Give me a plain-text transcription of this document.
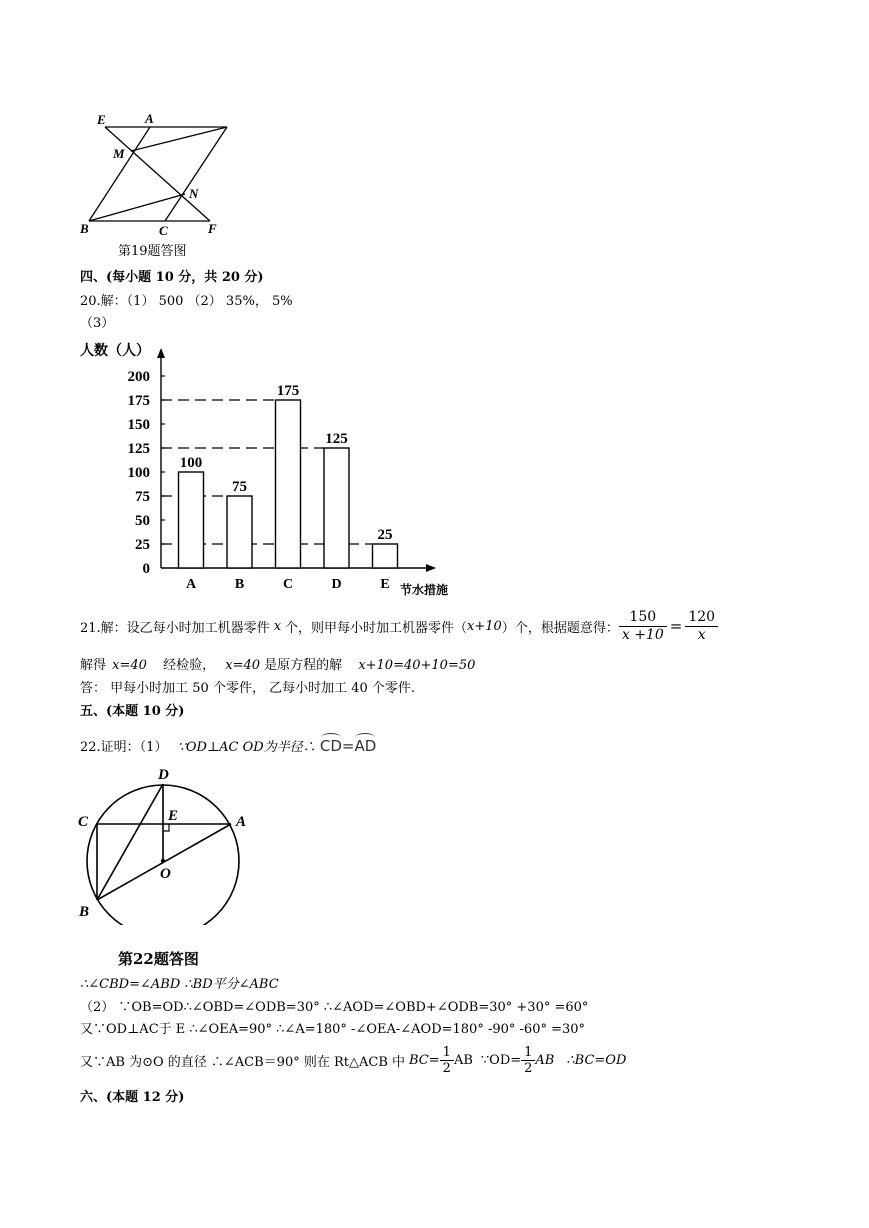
E	A
M
N
B	C	F
第19题答图
四、(每小题 10 分，共 20 分)
20.解：（1） 500 （2） 35%， 5%
（3）
人数（人）
0
25
50
75
100
125
150
175
200
100
A
75
B
175
C
125
D
25
E 节水措施
21.解：设乙每小时加工机器零件 x 个，则甲每小时加工机器零件（ x+10 ）个，根据题意得： $\frac{150}{x +10} = \frac{120}{x}$
解得 x=40 经检验， x=40 是原方程的解 x+10=40+10=50
答： 甲每小时加工 50 个零件， 乙每小时加工 40 个零件.
五、(本题 10 分)
22.证明：（1） ∵OD⊥AC OD为半径∴ CD=AD
D
C	E	A
O
B
第22题答图
∴∠CBD=∠ABD ∴BD平分∠ABC
（2） ∵OB=OD∴∠OBD=∠ODB=30° ∴∠AOD=∠OBD+∠ODB=30° +30° =60°
又∵OD⊥AC于 E ∴∠OEA=90° ∴∠A=180° -∠OEA-∠AOD=180° -90° -60° =30°
又∵AB 为⊙O 的直径 ∴∠ACB＝90° 则在 Rt△ACB 中 $BC= \frac{1}{2}$ AB ∵OD= $\frac{1}{2}$ AB ∴BC=OD
六、(本题 12 分)
